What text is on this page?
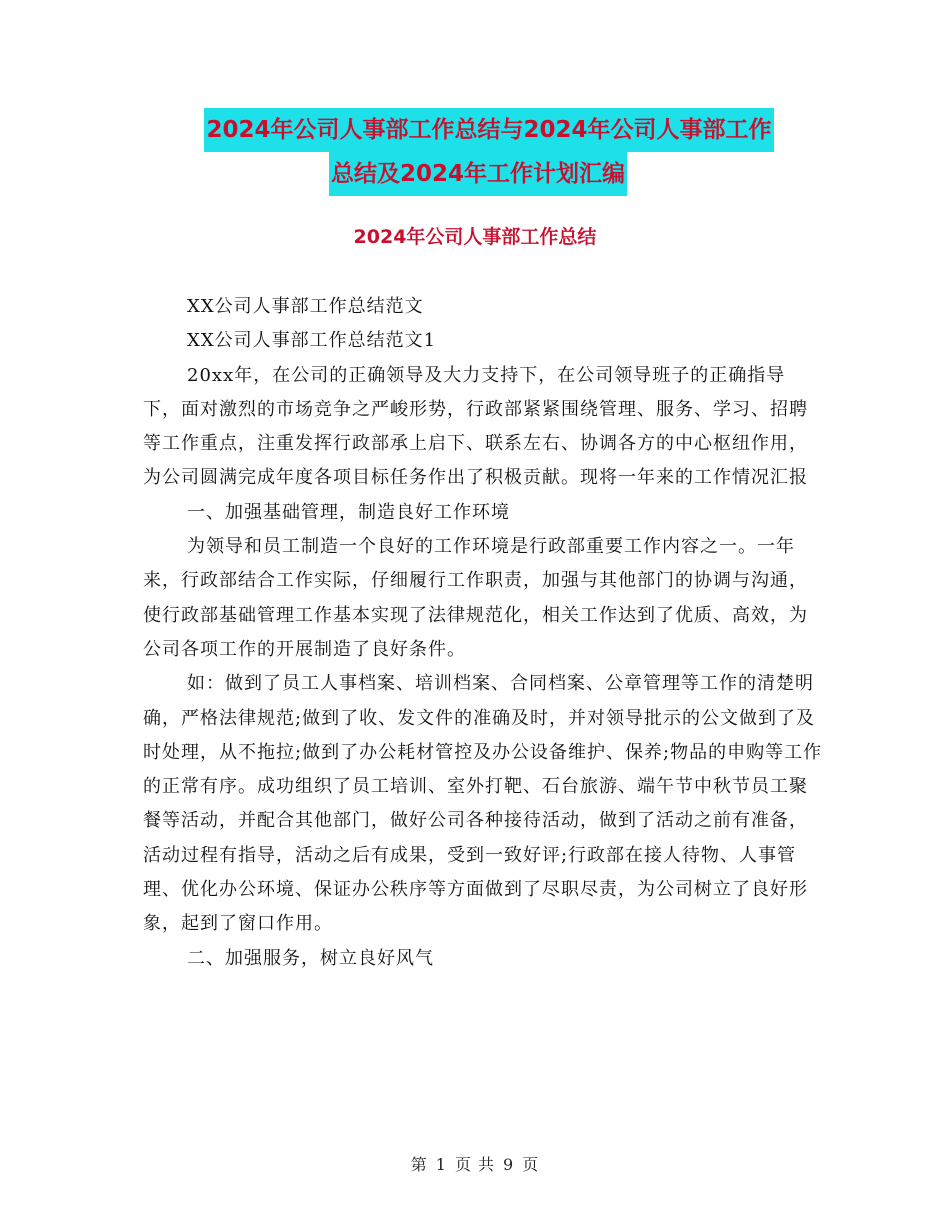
2024年公司人事部工作总结与2024年公司人事部工作
总结及2024年工作计划汇编
2024年公司人事部工作总结

XX公司人事部工作总结范文

XX公司人事部工作总结范文1

20xx年，在公司的正确领导及大力支持下，在公司领导班子的正确指导下，面对激烈的市场竞争之严峻形势，行政部紧紧围绕管理、服务、学习、招聘等工作重点，注重发挥行政部承上启下、联系左右、协调各方的中心枢纽作用，为公司圆满完成年度各项目标任务作出了积极贡献。现将一年来的工作情况汇报

一、加强基础管理，制造良好工作环境

为领导和员工制造一个良好的工作环境是行政部重要工作内容之一。一年来，行政部结合工作实际，仔细履行工作职责，加强与其他部门的协调与沟通，使行政部基础管理工作基本实现了法律规范化，相关工作达到了优质、高效，为公司各项工作的开展制造了良好条件。

如：做到了员工人事档案、培训档案、合同档案、公章管理等工作的清楚明确，严格法律规范;做到了收、发文件的准确及时，并对领导批示的公文做到了及时处理，从不拖拉;做到了办公耗材管控及办公设备维护、保养;物品的申购等工作的正常有序。成功组织了员工培训、室外打靶、石台旅游、端午节中秋节员工聚餐等活动，并配合其他部门，做好公司各种接待活动，做到了活动之前有准备，活动过程有指导，活动之后有成果，受到一致好评;行政部在接人待物、人事管理、优化办公环境、保证办公秩序等方面做到了尽职尽责，为公司树立了良好形象，起到了窗口作用。

二、加强服务，树立良好风气

第 1 页 共 9 页
